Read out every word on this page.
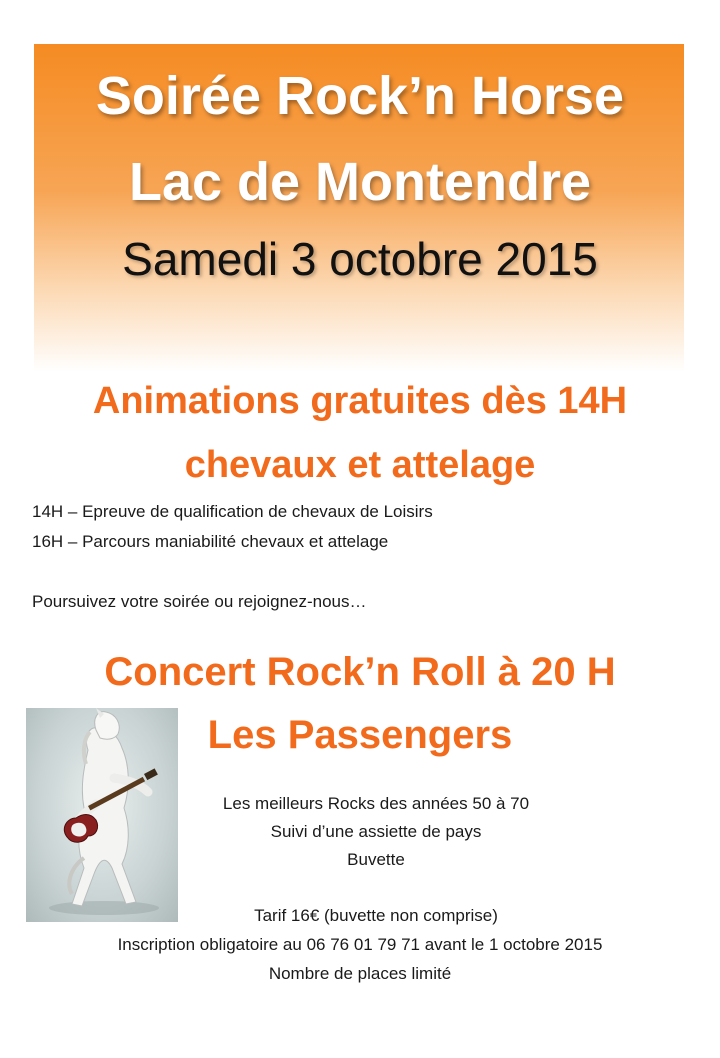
Soirée Rock’n Horse
Lac de Montendre
Samedi 3 octobre 2015
Animations gratuites dès 14H
chevaux et attelage
14H – Epreuve de qualification de chevaux de Loisirs
16H – Parcours maniabilité chevaux et attelage
Poursuivez votre soirée ou rejoignez-nous…
Concert Rock’n Roll à 20 H
Les Passengers
Les meilleurs Rocks des années 50 à 70
Suivi d’une assiette de pays
Buvette
Tarif 16€ (buvette non comprise)
Inscription obligatoire au 06 76 01 79 71 avant le 1 octobre 2015
Nombre de places limité
